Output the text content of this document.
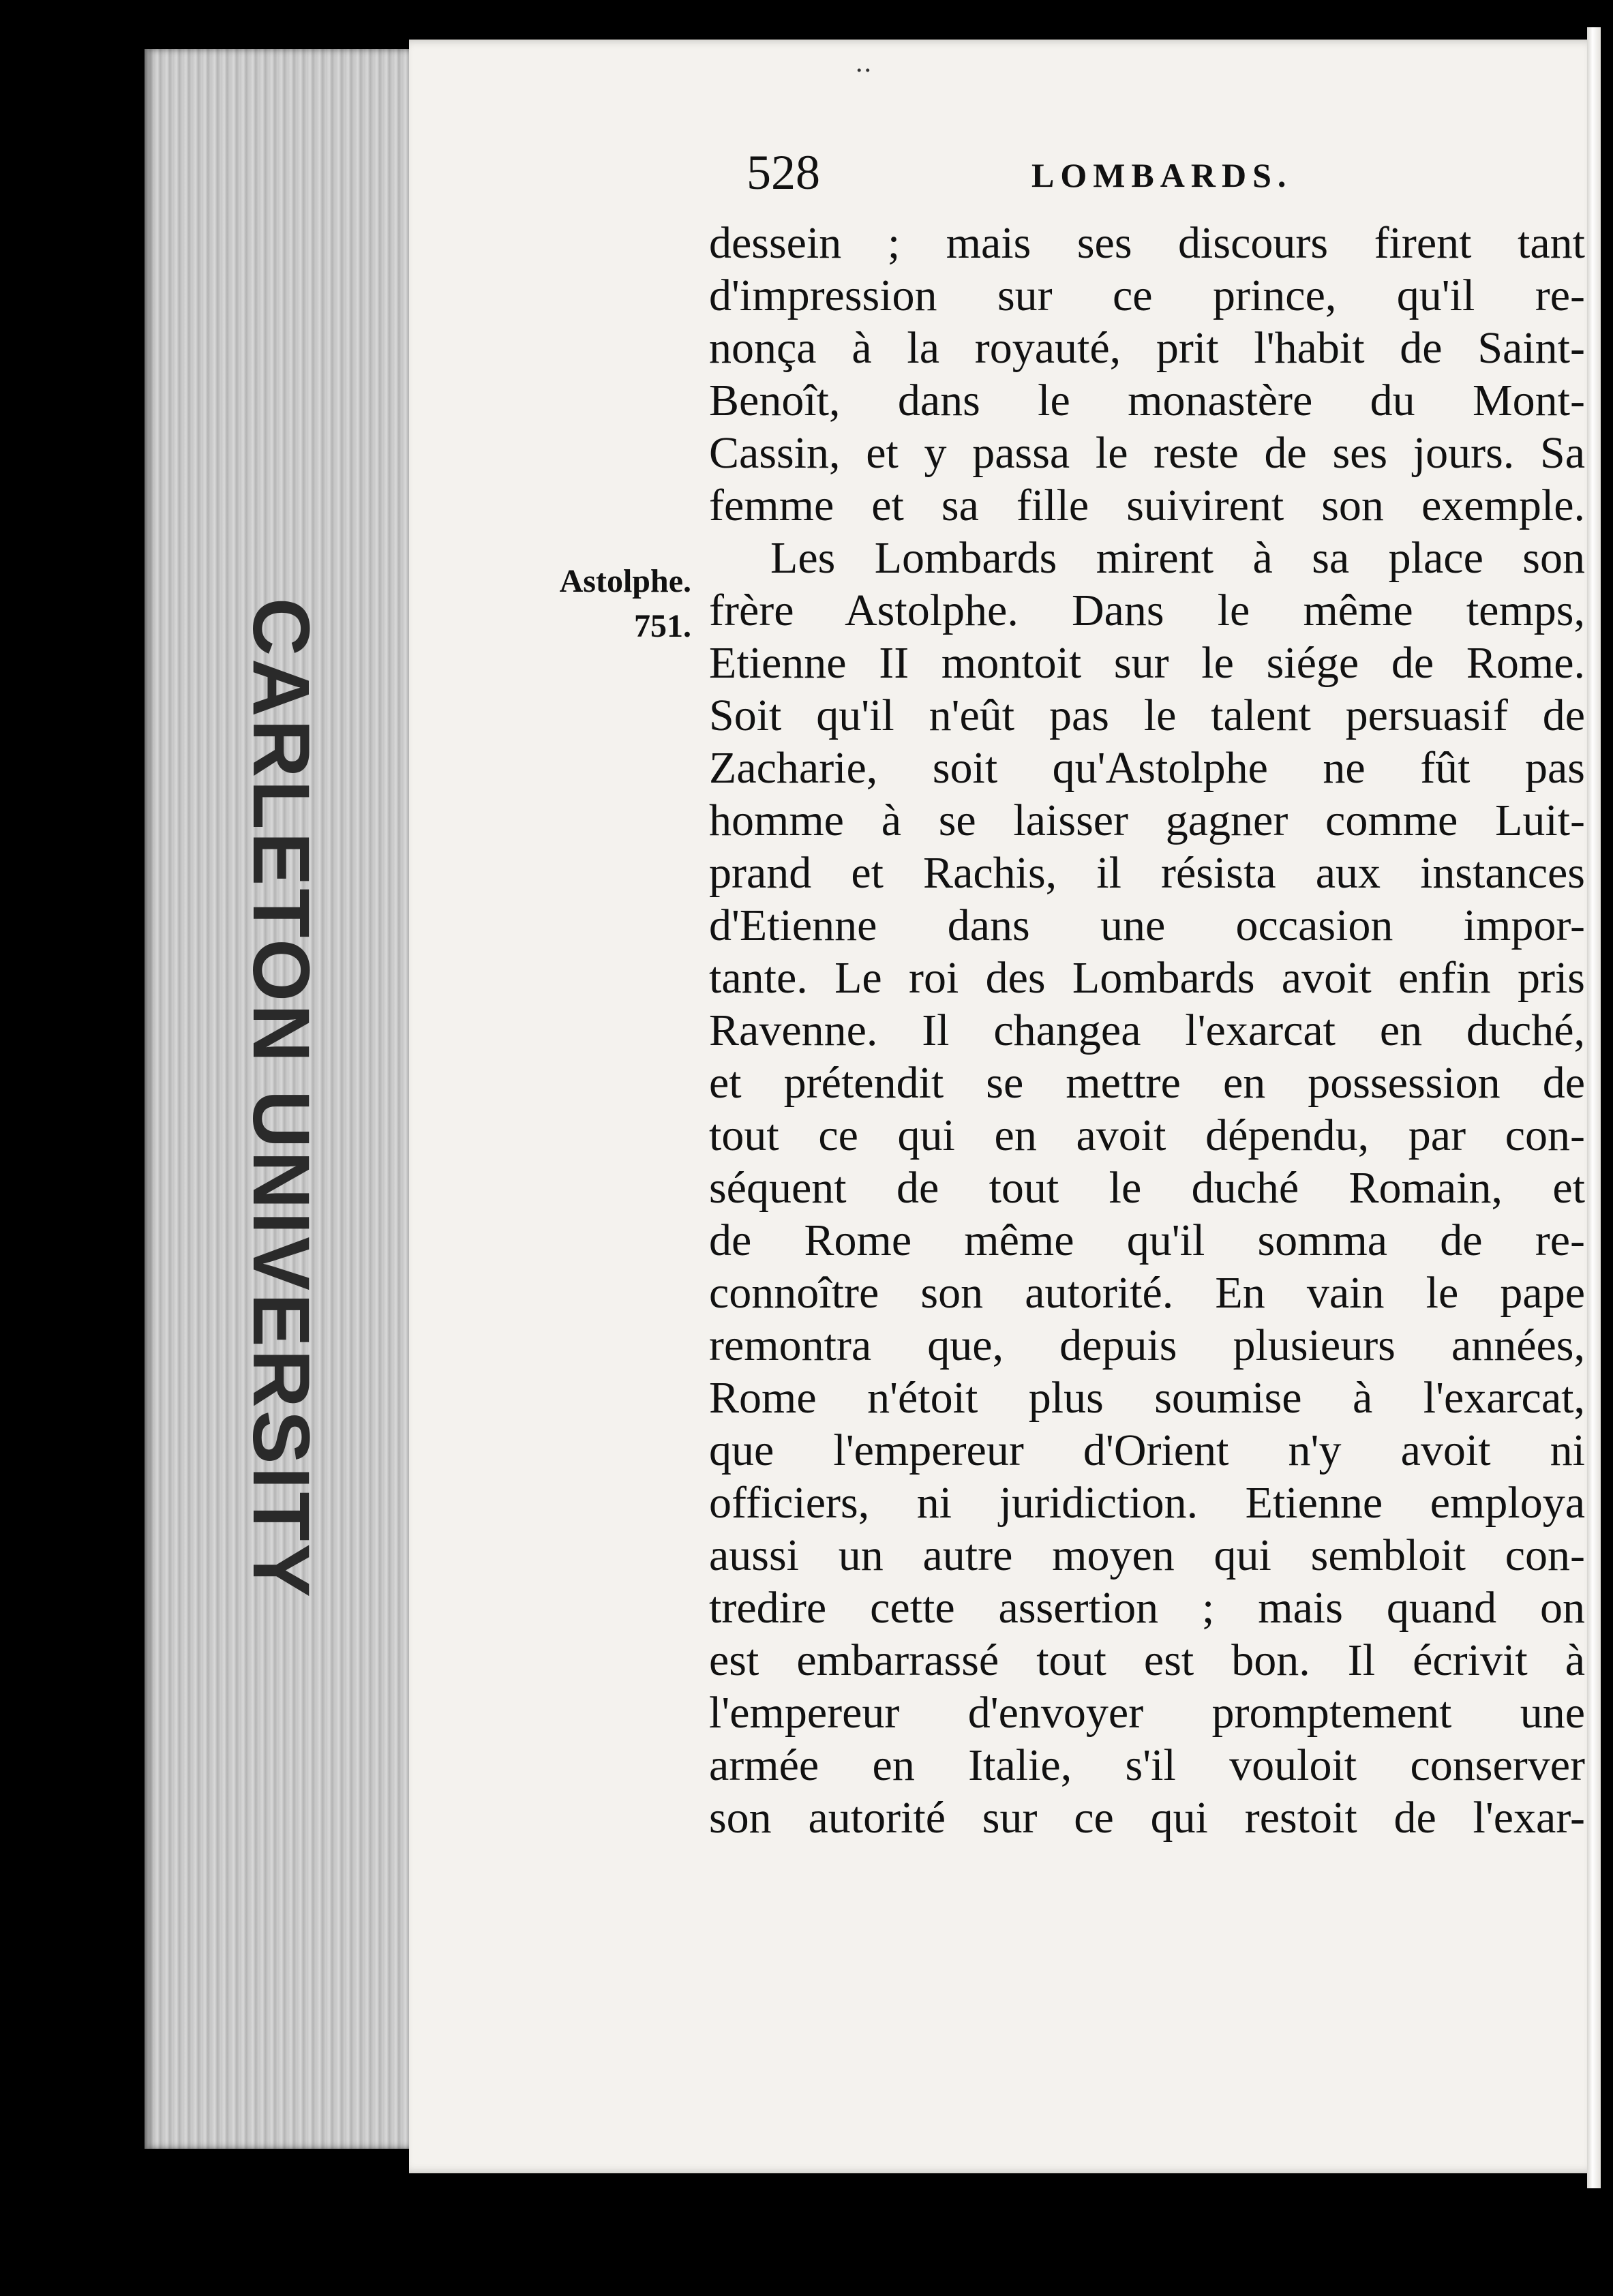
CARLETON UNIVERSITY
..
528	LOMBARDS.
Astolphe.
751.
dessein ; mais ses discours firent tant
d'impression sur ce prince, qu'il re-
nonça à la royauté, prit l'habit de Saint-
Benoît, dans le monastère du Mont-
Cassin, et y passa le reste de ses jours. Sa
femme et sa fille suivirent son exemple.
Les Lombards mirent à sa place son
frère Astolphe. Dans le même temps,
Etienne II montoit sur le siége de Rome.
Soit qu'il n'eût pas le talent persuasif de
Zacharie, soit qu'Astolphe ne fût pas
homme à se laisser gagner comme Luit-
prand et Rachis, il résista aux instances
d'Etienne dans une occasion impor-
tante. Le roi des Lombards avoit enfin pris
Ravenne. Il changea l'exarcat en duché,
et prétendit se mettre en possession de
tout ce qui en avoit dépendu, par con-
séquent de tout le duché Romain, et
de Rome même qu'il somma de re-
connoître son autorité. En vain le pape
remontra que, depuis plusieurs années,
Rome n'étoit plus soumise à l'exarcat,
que l'empereur d'Orient n'y avoit ni
officiers, ni juridiction. Etienne employa
aussi un autre moyen qui sembloit con-
tredire cette assertion ; mais quand on
est embarrassé tout est bon. Il écrivit à
l'empereur d'envoyer promptement une
armée en Italie, s'il vouloit conserver
son autorité sur ce qui restoit de l'exar-
